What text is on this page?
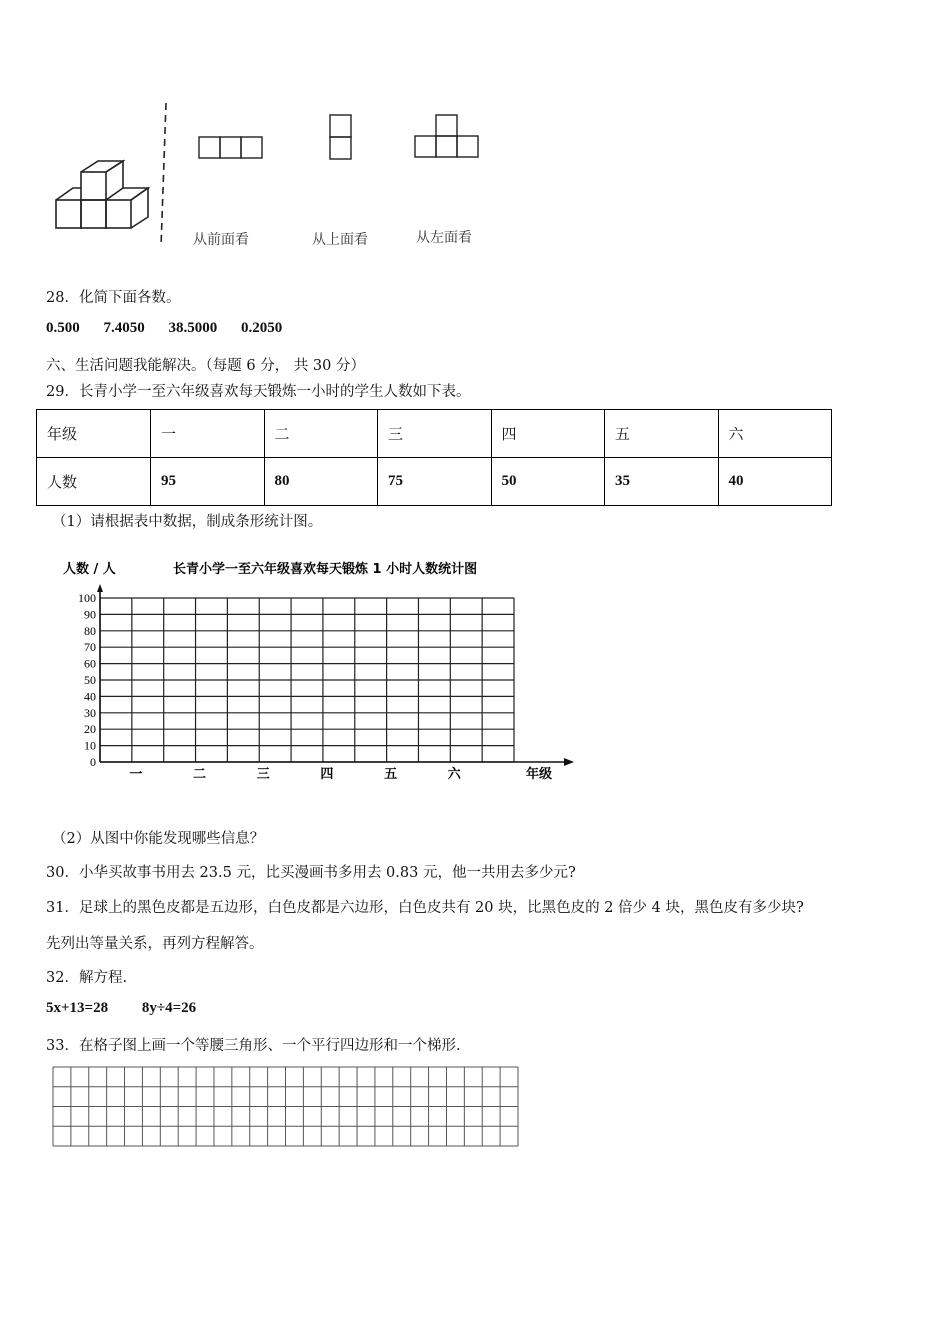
从前面看	从上面看	从左面看
28．化简下面各数。
0.500 7.4050 38.5000 0.2050
六、生活问题我能解决。（每题 6 分， 共 30 分）
29．长青小学一至六年级喜欢每天锻炼一小时的学生人数如下表。
年级	一	二	三	四	五	六
人数	95	80	75	50	35	40
（1）请根据表中数据，制成条形统计图。
0
10
20
30
40
50
60
70
80
90
100
一	二	三	四	五	六	年级
人数 / 人	长青小学一至六年级喜欢每天锻炼 1 小时人数统计图
（2）从图中你能发现哪些信息？
30．小华买故事书用去 23.5 元，比买漫画书多用去 0.83 元，他一共用去多少元?
31．足球上的黑色皮都是五边形，白色皮都是六边形，白色皮共有 20 块，比黑色皮的 2 倍少 4 块，黑色皮有多少块?
先列出等量关系，再列方程解答。
32．解方程.
5x+13=28 8y÷4=26
33．在格子图上画一个等腰三角形、一个平行四边形和一个梯形.
